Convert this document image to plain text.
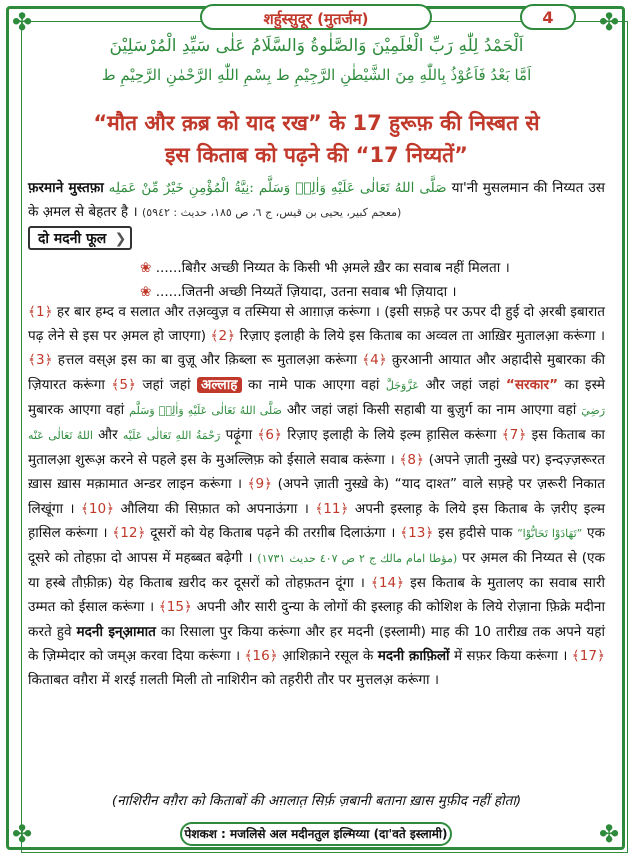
✤	✤
✤	✤
शर्हुस्सुदूर (मुतर्जम)	4
اَلْحَمْدُ لِلّٰهِ رَبِّ الْعٰلَمِيْنَ وَالصَّلٰوةُ وَالسَّلَامُ عَلٰى سَيِّدِ الْمُرْسَلِيْنَ
اَمَّا بَعْدُ فَاَعُوْذُ بِاللّٰهِ مِنَ الشَّيْطٰنِ الرَّجِيْمِ ط بِسْمِ اللّٰهِ الرَّحْمٰنِ الرَّحِيْمِ ط
“मौत और क़ब्र को याद रख” के 17 हुरूफ़ की निस्बत से
इस किताब को पढ़ने की “17 निय्यतें”
फ़रमाने मुस्तफ़ा	صَلَّى اللهُ تَعَالٰى عَلَيْهِ وَاٰلِهٖ وَسَلَّم :نِيَّةُ الْمُؤْمِنِ خَيْرٌ مِّنْ عَمَلِه	या'नी मुसलमान की निय्यत उस के अ़मल से बेहतर है । (معجم كبير، يحيى بن قيس، ج ٦، ص ١٨٥، حديث : ٥٩٤٢)
दो मदनी फूल ❯
❀ ......बिग़ैर अच्छी निय्यत के किसी भी अ़मले ख़ैर का सवाब नहीं मिलता ।
❀ ......जितनी अच्छी निय्यतें ज़ियादा, उतना सवाब भी ज़ियादा ।
﴾1﴿ हर बार हम्द व सलात और तअ़व्वुज़ व तस्मिया से आग़ाज़ करूंगा । (इसी सफ़हे पर ऊपर दी हुई दो अ़रबी इबारात पढ़ लेने से इस पर अ़मल हो जाएगा) ﴾2﴿ रिज़ाए इलाही के लिये इस किताब का अव्वल ता आख़िर मुतालआ़ करूंगा । ﴾3﴿ हत्तल वस्अ़ इस का बा वुज़ू और क़िब्ला रू मुतालआ़ करूंगा ﴾4﴿ क़ुरआनी आयात और अहादीसे मुबारका की ज़ियारत करूंगा ﴾5﴿ जहां जहां अल्लाह का नामे पाक आएगा वहां عَزَّوَجَلَّ और जहां जहां “सरकार” का इस्मे मुबारक आएगा वहां صَلَّى اللهُ تَعَالٰى عَلَيْهِ وَاٰلِهٖ وَسَلَّم और जहां जहां किसी सहाबी या बुज़ुर्ग का नाम आएगा वहां رَضِيَ اللهُ تَعَالٰى عَنْه और رَحْمَةُ اللهِ تَعَالٰى عَلَيْه पढ़ूंगा ﴾6﴿ रिज़ाए इलाही के लिये इल्म ह़ासिल करूंगा ﴾7﴿ इस किताब का मुतालआ़ शुरूअ़ करने से पहले इस के मुअल्लिफ़ को ईसाले सवाब करूंगा । ﴾8﴿ (अपने ज़ाती नुस्ख़े पर) इन्दज़्ज़रूरत ख़ास ख़ास मक़ामात अन्डर लाइन करूंगा । ﴾9﴿ (अपने ज़ाती नुस्ख़े के) “याद दाश्त” वाले सफ़्हे पर ज़रूरी निकात लिखूंगा । ﴾10﴿ औलिया की सिफ़ात को अपनाऊंगा । ﴾11﴿ अपनी इस्लाह़ के लिये इस किताब के ज़रीए इल्म ह़ासिल करूंगा । ﴾12﴿ दूसरों को येह किताब पढ़ने की तरग़ीब दिलाऊंगा । ﴾13﴿ इस ह़दीसे पाक “تَهَادَوْا تَحَابُّوْا” एक दूसरे को तोहफ़ा दो आपस में महब्बत बढ़ेगी । (مؤطا امام مالك ج ٢ ص ٤٠٧ حديث ١٧٣١) पर अ़मल की निय्यत से (एक या हस्बे तौफ़ीक़) येह किताब ख़रीद कर दूसरों को तोहफ़तन दूंगा । ﴾14﴿ इस किताब के मुतालए का सवाब सारी उम्मत को ईसाल करूंगा । ﴾15﴿ अपनी और सारी दुन्या के लोगों की इस्लाह़ की कोशिश के लिये रोज़ाना फ़िक्रे मदीना करते हुवे मदनी इन्आ़मात का रिसाला पुर किया करूंगा और हर मदनी (इस्लामी) माह की 10 तारीख़ तक अपने यहां के ज़िम्मेदार को जम्अ़ करवा दिया करूंगा । ﴾16﴿ आ़शिक़ाने रसूल के मदनी क़ाफ़िलों में सफ़र किया करूंगा । ﴾17﴿ किताबत वग़ैरा में शरई ग़लती मिली तो नाशिरीन को तह़रीरी तौर पर मुत्तलअ़ करूंगा ।
(नाशिरीन वग़ैरा को किताबों की अग़लात़ सिर्फ़ ज़बानी बताना ख़ास मुफ़ीद नहीं होता)
पेशकश : मजलिसे अल मदीनतुल इल्मिय्या (दा'वते इस्लामी)
